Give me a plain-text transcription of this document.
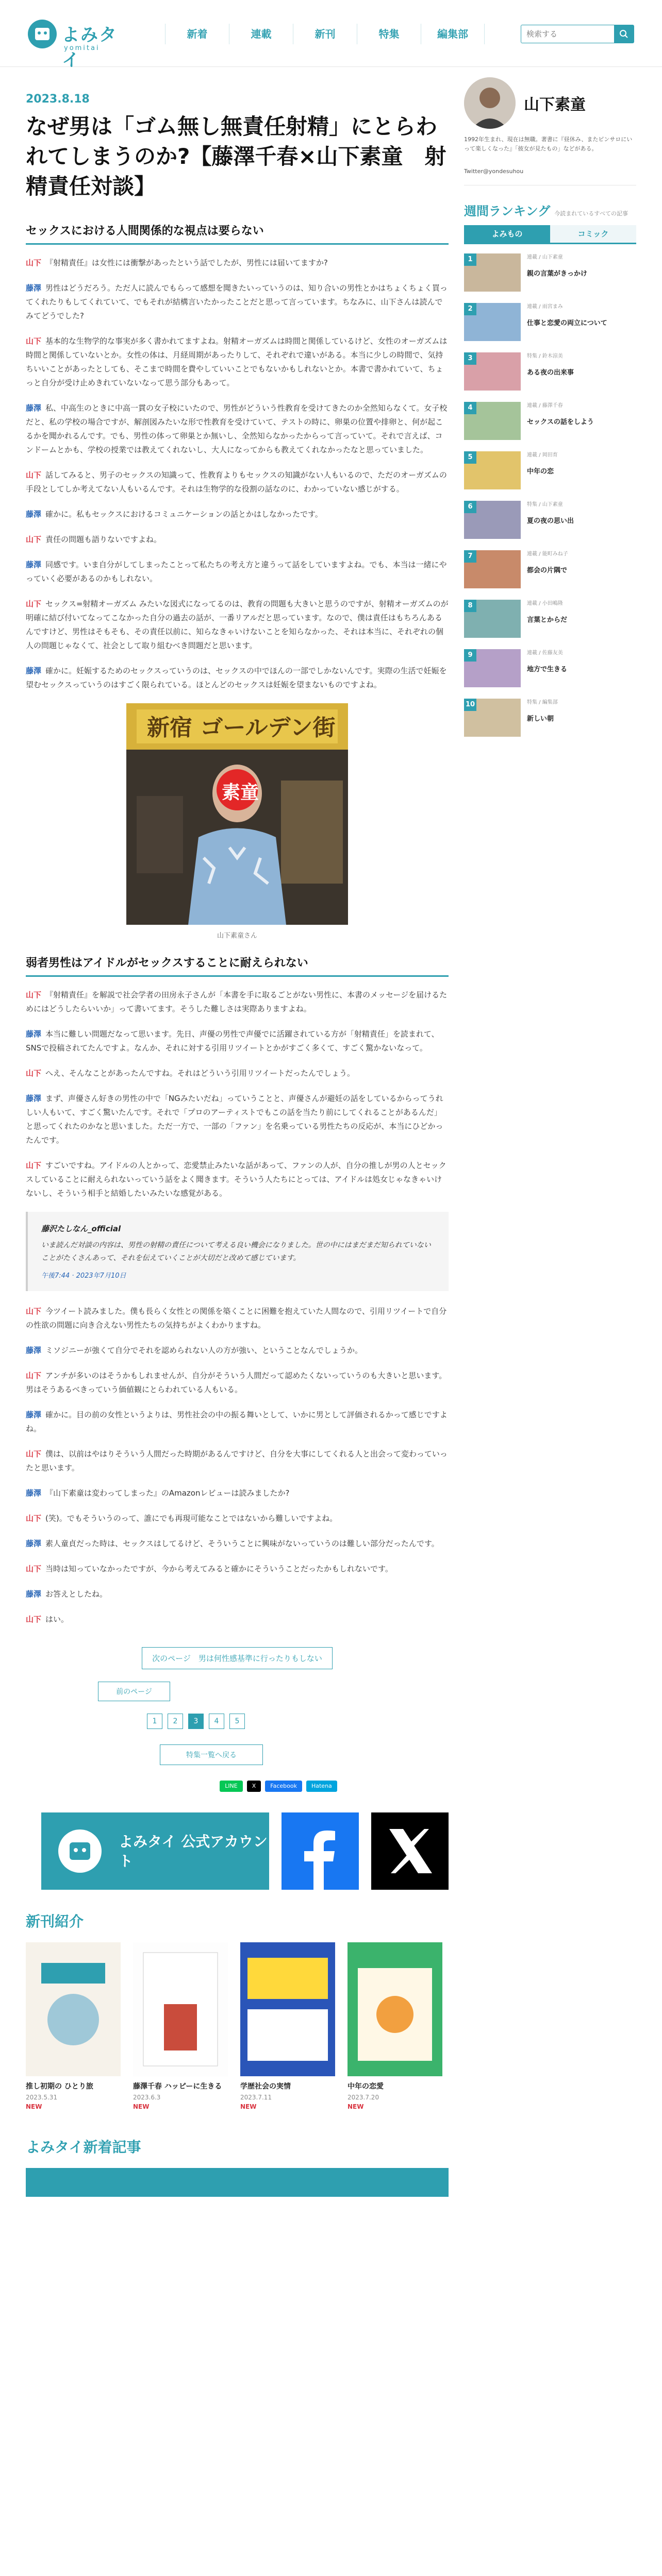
よみタイ
yomitai
新着	連載	新刊	特集	編集部
検索する
2023.8.18
なぜ男は「ゴム無し無責任射精」にとらわれてしまうのか?【藤澤千春×山下素童　射精責任対談】
セックスにおける人間関係的な視点は要らない

山下 『射精責任』は女性には衝撃があったという話でしたが、男性には届いてますか?

藤澤 男性はどうだろう。ただ人に読んでもらって感想を聞きたいっていうのは、知り合いの男性とかはちょくちょく買ってくれたりもしてくれていて、でもそれが結構言いたかったことだと思って言っています。ちなみに、山下さんは読んでみてどうでした?

山下 基本的な生物学的な事実が多く書かれてますよね。射精オーガズムは時間と関係しているけど、女性のオーガズムは時間と関係していないとか。女性の体は、月経周期があったりして、それぞれで違いがある。本当に少しの時間で、気持ちいいことがあったとしても、そこまで時間を費やしていいことでもないかもしれないとか。本書で書かれていて、ちょっと自分が受け止めきれていないなって思う部分もあって。

藤澤 私、中高生のときに中高一貫の女子校にいたので、男性がどういう性教育を受けてきたのか全然知らなくて。女子校だと、私の学校の場合ですが、解剖図みたいな形で性教育を受けていて、テストの時に、卵巣の位置や排卵と、何が起こるかを聞かれるんです。でも、男性の体って卵巣とか無いし、全然知らなかったからって言っていて。それで言えば、コンドームとかも、学校の授業では教えてくれないし、大人になってからも教えてくれなかったなと思っていました。

山下 話してみると、男子のセックスの知識って、性教育よりもセックスの知識がない人もいるので、ただのオーガズムの手段としてしか考えてない人もいるんです。それは生物学的な役割の話なのに、わかっていない感じがする。

藤澤 確かに。私もセックスにおけるコミュニケーションの話とかはしなかったです。

山下 責任の問題も語りないですよね。

藤澤 同感です。いま自分がしてしまったことって私たちの考え方と違うって話をしていますよね。でも、本当は一緒にやっていく必要があるのかもしれない。

山下 セックス=射精オーガズム みたいな図式になってるのは、教育の問題も大きいと思うのですが、射精オーガズムのが明確に結び付いてなってこなかった自分の過去の話が、一番リアルだと思っています。なので、僕は責任はもちろんあるんですけど、男性はそもそも、その責任以前に、知らなきゃいけないことを知らなかった、それは本当に、それぞれの個人の問題じゃなくて、社会として取り組むべき問題だと思います。

藤澤 確かに。妊娠するためのセックスっていうのは、セックスの中でほんの一部でしかないんです。実際の生活で妊娠を望むセックスっていうのはすごく限られている。ほとんどのセックスは妊娠を望まないものですよね。

新宿 ゴールデン街
素童
山下素童さん
弱者男性はアイドルがセックスすることに耐えられない

山下 『射精責任』を解説で社会学者の田房永子さんが「本書を手に取るごとがない男性に、本書のメッセージを届けるためにはどうしたらいいか」って書いてます。そうした難しさは実際ありますよね。

藤澤 本当に難しい問題だなって思います。先日、声優の男性で声優でに活躍されている方が「射精責任」を読まれて、SNSで投稿されてたんですよ。なんか、それに対する引用リツイートとかがすごく多くて、すごく驚かないなって。

山下 へえ、そんなことがあったんですね。それはどういう引用リツイートだったんでしょう。

藤澤 まず、声優さん好きの男性の中で「NGみたいだね」っていうことと、声優さんが避妊の話をしているからってうれしい人もいて、すごく驚いたんです。それで「プロのアーティストでもこの話を当たり前にしてくれることがあるんだ」と思ってくれたのかなと思いました。ただ一方で、一部の「ファン」を名乗っている男性たちの反応が、本当にひどかったんです。

山下 すごいですね。アイドルの人とかって、恋愛禁止みたいな話があって、ファンの人が、自分の推しが男の人とセックスしていることに耐えられないっていう話をよく聞きます。そういう人たちにとっては、アイドルは処女じゃなきゃいけないし、そういう相手と結婚したいみたいな感覚がある。

藤沢たしなん_official
いま読んだ対談の内容は、男性の射精の責任について考える良い機会になりました。世の中にはまだまだ知られていないことがたくさんあって、それを伝えていくことが大切だと改めて感じています。
午後7:44 · 2023年7月10日

山下 今ツイート読みました。僕も長らく女性との関係を築くことに困難を抱えていた人間なので、引用リツイートで自分の性欲の問題に向き合えない男性たちの気持ちがよくわかりますね。

藤澤 ミソジニーが強くて自分でそれを認められない人の方が強い、ということなんでしょうか。

山下 アンチが多いのはそうかもしれませんが、自分がそういう人間だって認めたくないっていうのも大きいと思います。男はそうあるべきっていう価値観にとらわれている人もいる。

藤澤 確かに。目の前の女性というよりは、男性社会の中の振る舞いとして、いかに男として評価されるかって感じですよね。

山下 僕は、以前はやはりそういう人間だった時期があるんですけど、自分を大事にしてくれる人と出会って変わっていったと思います。

藤澤 『山下素童は変わってしまった』のAmazonレビューは読みましたか?

山下 (笑)。でもそういうのって、誰にでも再現可能なことではないから難しいですよね。

藤澤 素人童貞だった時は、セックスはしてるけど、そういうことに興味がないっていうのは難しい部分だったんです。

山下 当時は知っていなかったですが、今から考えてみると確かにそういうことだったかもしれないです。

藤澤 お答えとしたね。

山下 はい。

次のページ　男は何性感基準に行ったりもしない
前のページ
1	2	3	4	5
特集一覧へ戻る
LINE	X	Facebook	Hatena
よみタイ 公式アカウント
新刊紹介
推し初期の ひとり旅
2023.5.31
NEW
藤澤千春 ハッピーに生きる
2023.6.3
NEW
学歴社会の実情
2023.7.11
NEW
中年の恋愛
2023.7.20
NEW
よみタイ新着記事
山下素童
1992年生まれ、現在は無職。著書に『昼休み、またピンサロにいって楽しくなった』「彼女が見たもの」などがある。
Twitter@yondesuhou
週間ランキング 今読まれているすべての記事
よみもの	コミック
1	連載 / 山下素童
親の言葉がきっかけ
2	連載 / 雨宮まみ
仕事と恋愛の両立について
3	特集 / 鈴木涼美
ある夜の出来事
4	連載 / 藤澤千春
セックスの話をしよう
5	連載 / 岡田育
中年の恋
6	特集 / 山下素童
夏の夜の思い出
7	連載 / 能町みね子
都会の片隅で
8	連載 / 小田嶋隆
言葉とからだ
9	連載 / 佐藤友美
地方で生きる
10	特集 / 編集部
新しい朝
